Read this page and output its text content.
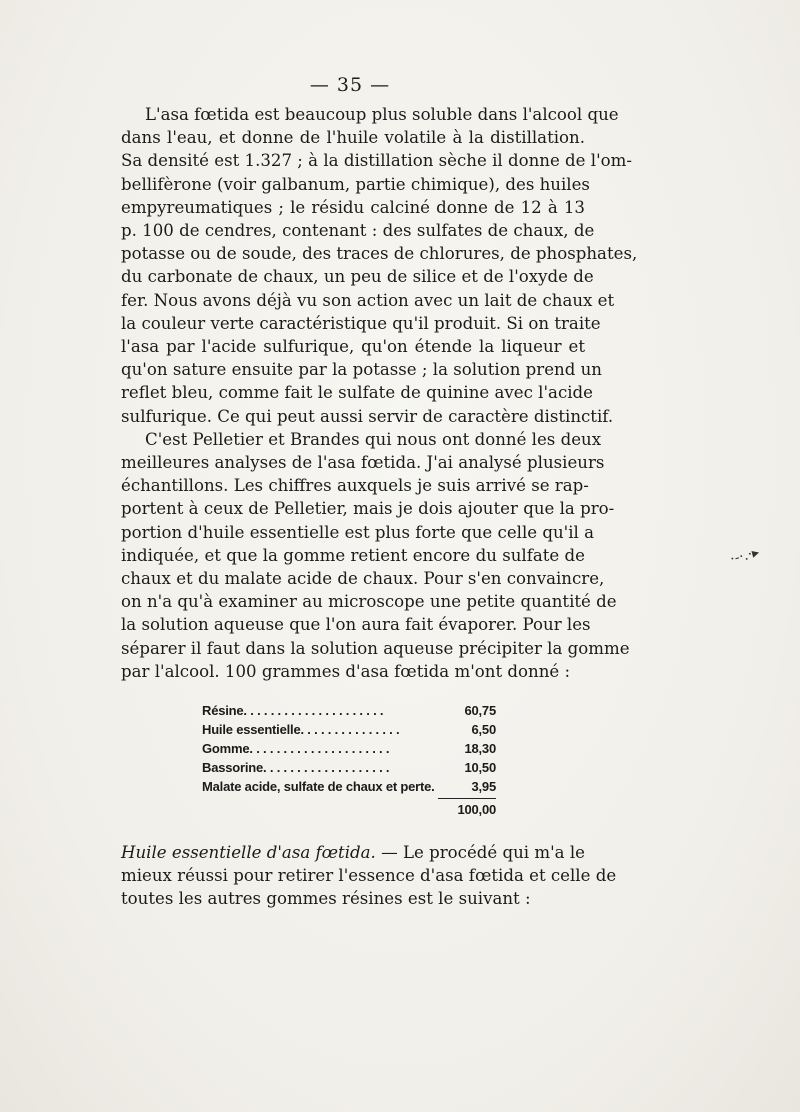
— 35 —

L'asa fœtida est beaucoup plus soluble dans l'alcool que
dans l'eau, et donne de l'huile volatile à la distillation.
Sa densité est 1.327 ; à la distillation sèche il donne de l'om-
bellifèrone (voir galbanum, partie chimique), des huiles
empyreumatiques ; le résidu calciné donne de 12 à 13
p. 100 de cendres, contenant : des sulfates de chaux, de
potasse ou de soude, des traces de chlorures, de phosphates,
du carbonate de chaux, un peu de silice et de l'oxyde de
fer. Nous avons déjà vu son action avec un lait de chaux et
la couleur verte caractéristique qu'il produit. Si on traite
l'asa par l'acide sulfurique, qu'on étende la liqueur et
qu'on sature ensuite par la potasse ; la solution prend un
reflet bleu, comme fait le sulfate de quinine avec l'acide
sulfurique. Ce qui peut aussi servir de caractère distinctif.

C'est Pelletier et Brandes qui nous ont donné les deux
meilleures analyses de l'asa fœtida. J'ai analysé plusieurs
échantillons. Les chiffres auxquels je suis arrivé se rap-
portent à ceux de Pelletier, mais je dois ajouter que la pro-
portion d'huile essentielle est plus forte que celle qu'il a
indiquée, et que la gomme retient encore du sulfate de
chaux et du malate acide de chaux. Pour s'en convaincre,
on n'a qu'à examiner au microscope une petite quantité de
la solution aqueuse que l'on aura fait évaporer. Pour les
séparer il faut dans la solution aqueuse précipiter la gomme
par l'alcool. 100 grammes d'asa fœtida m'ont donné :

Résine. . . . . . . . . . . . . . . . . . . . .	60,75
Huile essentielle. . . . . . . . . . . . . . .	6,50
Gomme. . . . . . . . . . . . . . . . . . . . .	18,30
Bassorine. . . . . . . . . . . . . . . . . . .	10,50
Malate acide, sulfate de chaux et perte.	3,95
100,00
Huile essentielle d'asa fœtida. — Le procédé qui m'a le
mieux réussi pour retirer l'essence d'asa fœtida et celle de
toutes les autres gommes résines est le suivant :
·-·.·▸
